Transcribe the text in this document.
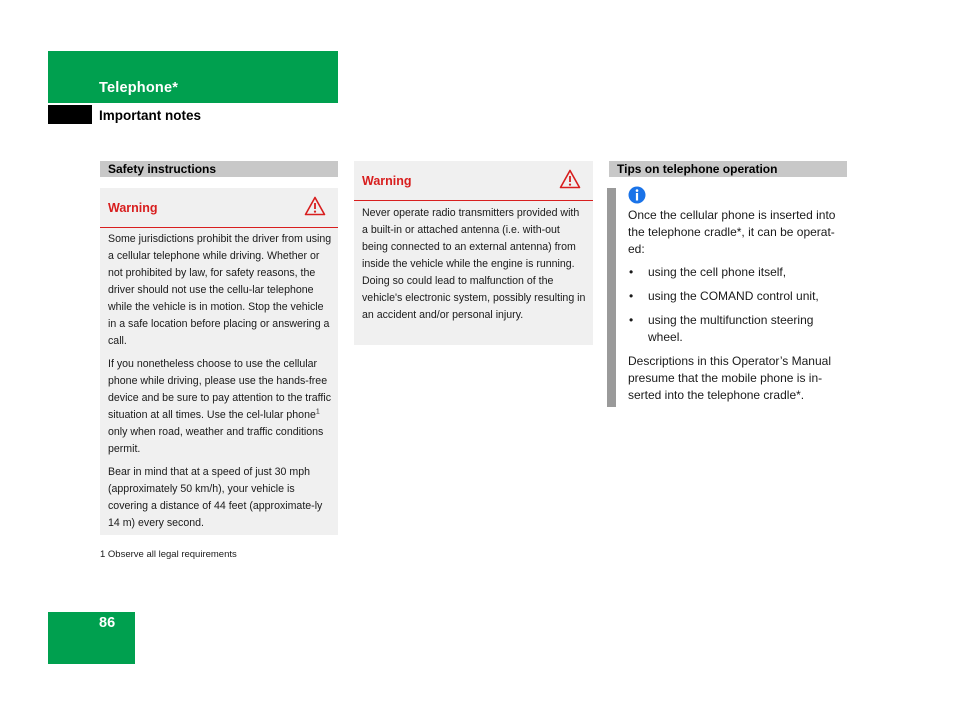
Telephone*
Important notes
Safety instructions
Warning

Some jurisdictions prohibit the driver from using a cellular telephone while driving. Whether or not prohibited by law, for safety reasons, the driver should not use the cellu-lar telephone while the vehicle is in motion. Stop the vehicle in a safe location before placing or answering a call.

If you nonetheless choose to use the cellular phone while driving, please use the hands-free device and be sure to pay attention to the traffic situation at all times. Use the cel-lular phone$^1$ only when road, weather and traffic conditions permit.

Bear in mind that at a speed of just 30 mph (approximately 50 km/h), your vehicle is covering a distance of 44 feet (approximate-ly 14 m) every second.

1 Observe all legal requirements
Warning

Never operate radio transmitters provided with a built-in or attached antenna (i.e. with-out being connected to an external antenna) from inside the vehicle while the engine is running. Doing so could lead to malfunction of the vehicle's electronic system, possibly resulting in an accident and/or personal injury.

Tips on telephone operation

Once the cellular phone is inserted into the telephone cradle*, it can be operat-ed:

• using the cell phone itself,
• using the COMAND control unit,
• using the multifunction steering wheel.

Descriptions in this Operator’s Manual presume that the mobile phone is in-serted into the telephone cradle*.

86
